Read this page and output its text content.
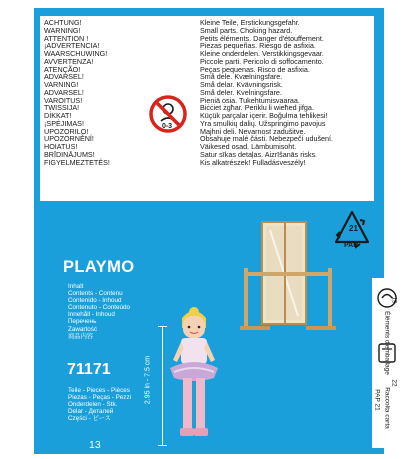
ACHTUNG!
WARNING!
ATTENTION !
¡ADVERTENCIA!
WAARSCHUWING!
AVVERTENZA!
ATENÇÃO!
ADVARSEL!
VARNING!
ADVARSEL!
VAROITUS!
TWISSIJA!
DİKKAT!
¡SPĖJIMAS!
UPOZORILO!
UPOZORNĚNÍ!
HOIATUS!
BRĪDINĀJUMS!
FIGYELMEZTETÉS!
Kleine Teile, Erstickungsgefahr.
Small parts. Choking hazard.
Petits éléments. Danger d'étouffement.
Piezas pequeñas. Riesgo de asfixia.
Kleine onderdelen. Verstikkingsgevaar.
Piccole parti. Pericolo di soffocamento.
Peças pequenas. Risco de asfixia.
Små dele. Kvælningsfare.
Små delar. Kvävningsrisk.
Små deler. Kvelningsfare.
Pieniä osia. Tukehtumisvaaraa.
Biċċiet żgħar. Periklu li wieħed jifga.
Küçük parçalar içerir. Boğulma tehlikesi!
Yra smulkių dalių. Užspringimo pavojus
Majhni deli. Nevarnost zadušitve.
Obsahuje malé části. Nebezpečí udušení.
Väikesed osad. Lämbumisoht.
Satur sīkas detaļas. Aizrīšanās risks.
Kis alkatrészek! Fulladásveszély!
0-3
21
PAP
PLAYMO
Inhalt
Contents - Contenu
Contenido - Inhoud
Contenuto - Conteúdo
Innehåll - Inhoud
Перечень
Zawartość
商品内容
71171
Teile - Pieces - Pièces
Piezas - Peças - Pezzi
Onderdelen - Stk.
Delar - Деталей
Części - ピース
13
2.95 in - 7.5 cm
Éléments d'emballage
PAP 21 Raccolta carta
19
22
